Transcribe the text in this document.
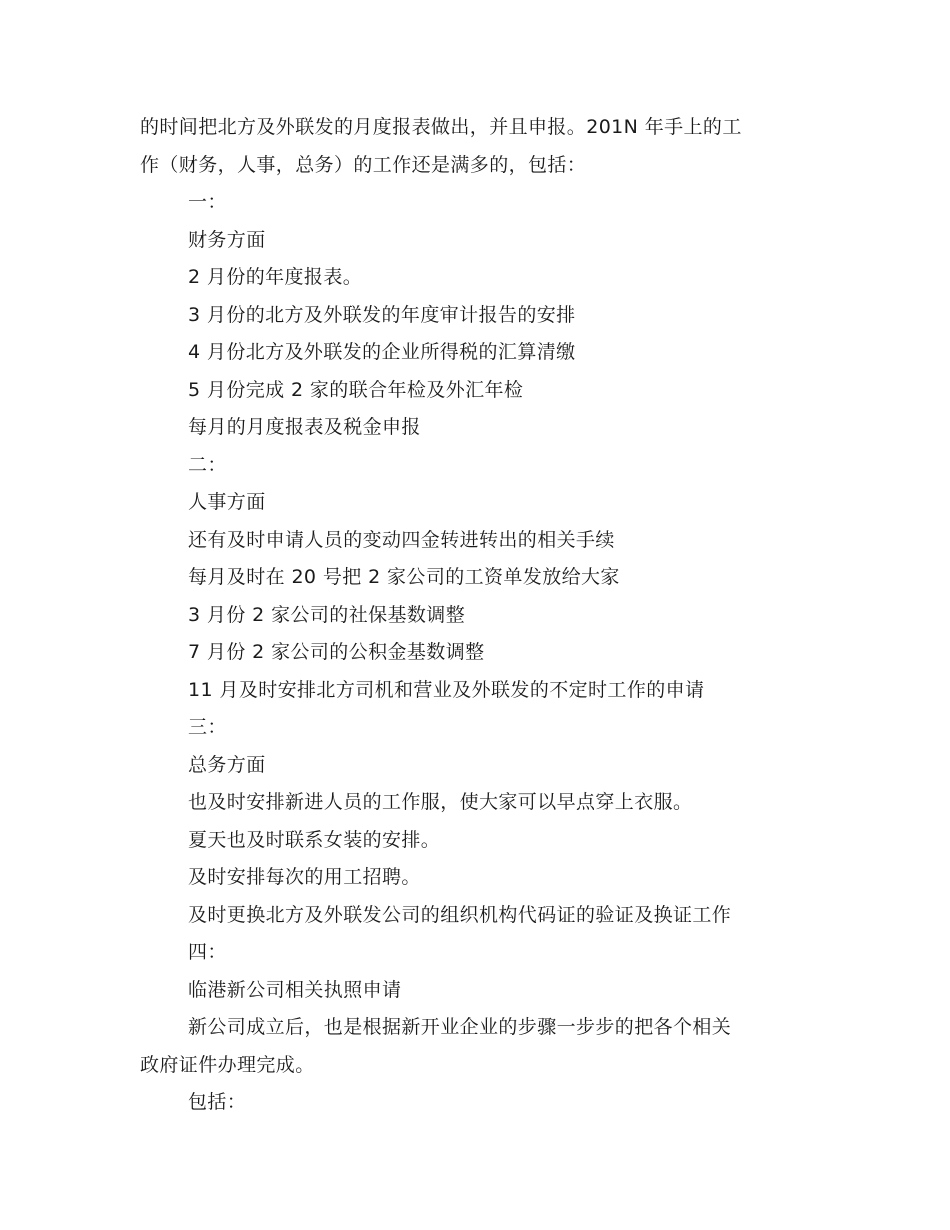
的时间把北方及外联发的月度报表做出，并且申报。201N 年手上的工
作（财务，人事，总务）的工作还是满多的，包括：
一：
财务方面
2 月份的年度报表。
3 月份的北方及外联发的年度审计报告的安排
4 月份北方及外联发的企业所得税的汇算清缴
5 月份完成 2 家的联合年检及外汇年检
每月的月度报表及税金申报
二：
人事方面
还有及时申请人员的变动四金转进转出的相关手续
每月及时在 20 号把 2 家公司的工资单发放给大家
3 月份 2 家公司的社保基数调整
7 月份 2 家公司的公积金基数调整
11 月及时安排北方司机和营业及外联发的不定时工作的申请
三：
总务方面
也及时安排新进人员的工作服，使大家可以早点穿上衣服。
夏天也及时联系女装的安排。
及时安排每次的用工招聘。
及时更换北方及外联发公司的组织机构代码证的验证及换证工作
四：
临港新公司相关执照申请
新公司成立后，也是根据新开业企业的步骤一步步的把各个相关
政府证件办理完成。
包括：
